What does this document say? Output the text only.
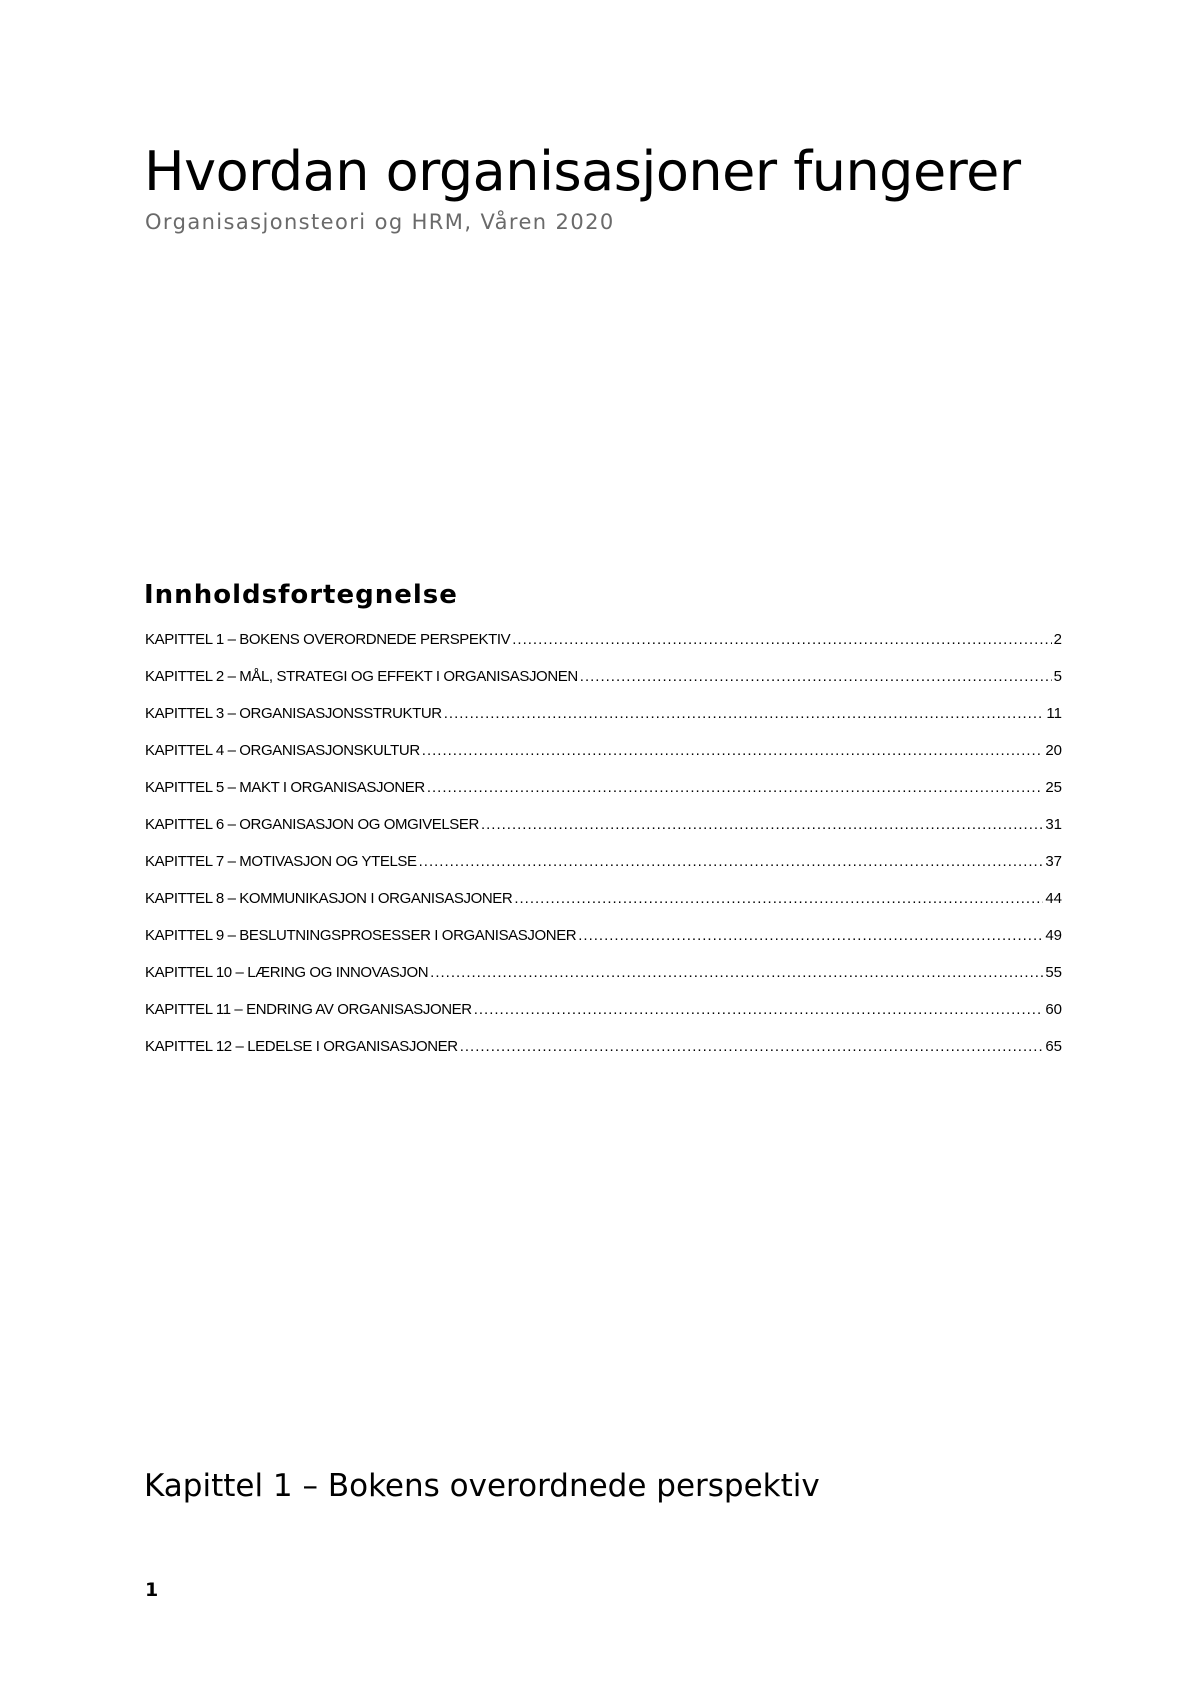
Hvordan organisasjoner fungerer

Organisasjonsteori og HRM, Våren 2020

Innholdsfortegnelse
KAPITTEL 1 – BOKENS OVERORDNEDE PERSPEKTIV .....	2
KAPITTEL 2 – MÅL, STRATEGI OG EFFEKT I ORGANISASJONEN .....	5
KAPITTEL 3 – ORGANISASJONSSTRUKTUR .....	11
KAPITTEL 4 – ORGANISASJONSKULTUR .....	20
KAPITTEL 5 – MAKT I ORGANISASJONER .....	25
KAPITTEL 6 – ORGANISASJON OG OMGIVELSER .....	31
KAPITTEL 7 – MOTIVASJON OG YTELSE .....	37
KAPITTEL 8 – KOMMUNIKASJON I ORGANISASJONER .....	44
KAPITTEL 9 – BESLUTNINGSPROSESSER I ORGANISASJONER .....	49
KAPITTEL 10 – LÆRING OG INNOVASJON .....	55
KAPITTEL 11 – ENDRING AV ORGANISASJONER .....	60
KAPITTEL 12 – LEDELSE I ORGANISASJONER .....	65
Kapittel 1 – Bokens overordnede perspektiv

1
